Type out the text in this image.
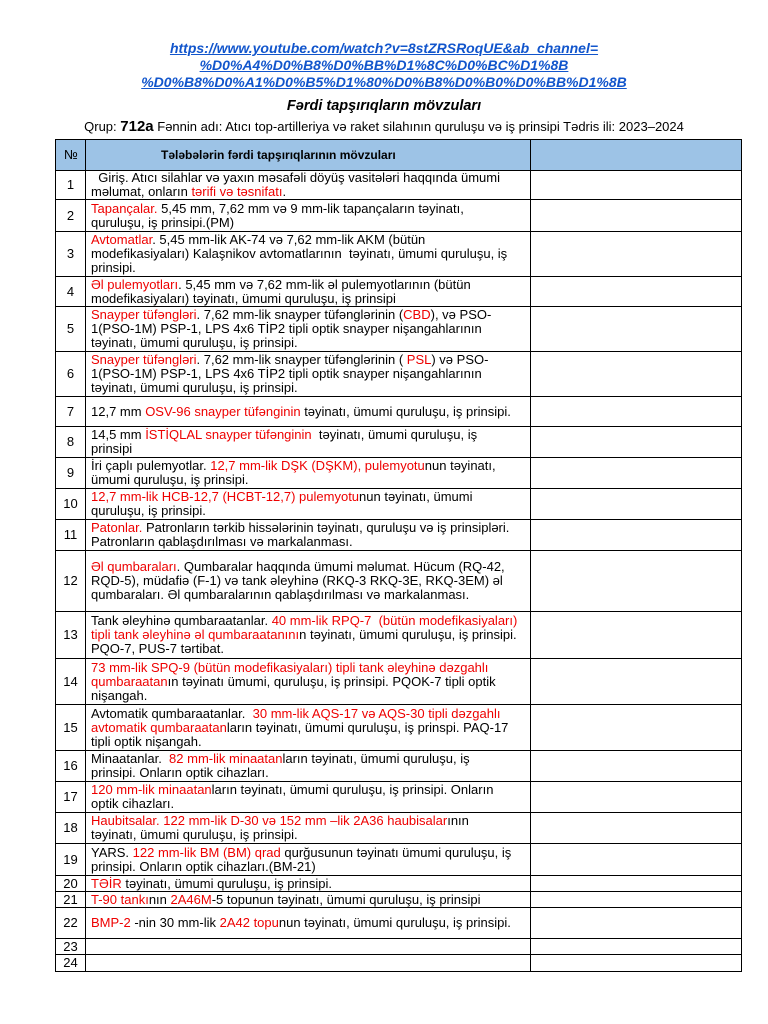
https://www.youtube.com/watch?v=8stZRSRoqUE&ab_channel=
%D0%A4%D0%B8%D0%BB%D1%8C%D0%BC%D1%8B
%D0%B8%D0%A1%D0%B5%D1%80%D0%B8%D0%B0%D0%BB%D1%8B
Fərdi tapşırıqların mövzuları
Qrup: 712a Fənnin adı: Atıcı top-artilleriya və raket silahının quruluşu və iş prinsipi Tədris ili: 2023–2024
№	Tələbələrin fərdi tapşırıqlarının mövzuları	
1	Giriş. Atıcı silahlar və yaxın məsafəli döyüş vasitələri haqqında ümumi məlumat, onların tərifi və təsnifatı.	
2	Tapançalar. 5,45 mm, 7,62 mm və 9 mm-lik tapançaların təyinatı, quruluşu, iş prinsipi.(PM)	
3	Avtomatlar. 5,45 mm-lik AK-74 və 7,62 mm-lik AKM (bütün modefikasiyaları) Kalaşnikov avtomatlarının  təyinatı, ümumi quruluşu, iş prinsipi.	
4	Əl pulemyotları. 5,45 mm və 7,62 mm-lik əl pulemyotlarının (bütün modefikasiyaları) təyinatı, ümumi quruluşu, iş prinsipi	
5	Snayper tüfəngləri. 7,62 mm-lik snayper tüfənglərinin (CBD), və PSO-1(PSO-1M) PSP-1, LPS 4x6 TİP2 tipli optik snayper nişangahlarının təyinatı, ümumi quruluşu, iş prinsipi.	
6	Snayper tüfəngləri. 7,62 mm-lik snayper tüfənglərinin ( PSL) və PSO-1(PSO-1M) PSP-1, LPS 4x6 TİP2 tipli optik snayper nişangahlarının təyinatı, ümumi quruluşu, iş prinsipi.	
7	12,7 mm OSV-96 snayper tüfənginin təyinatı, ümumi quruluşu, iş prinsipi.	
8	14,5 mm İSTİQLAL snayper tüfənginin  təyinatı, ümumi quruluşu, iş prinsipi	
9	İri çaplı pulemyotlar. 12,7 mm-lik DŞK (DŞKM), pulemyotunun təyinatı, ümumi quruluşu, iş prinsipi.	
10	12,7 mm-lik HCB-12,7 (HCBT-12,7) pulemyotunun təyinatı, ümumi quruluşu, iş prinsipi.	
11	Patonlar. Patronların tərkib hissələrinin təyinatı, quruluşu və iş prinsipləri. Patronların qablaşdırılması və markalanması.	
12	Əl qumbaraları. Qumbaralar haqqında ümumi məlumat. Hücum (RQ-42, RQD-5), müdafiə (F-1) və tank əleyhinə (RKQ-3 RKQ-3E, RKQ-3EM) əl qumbaraları. Əl qumbaralarının qablaşdırılması və markalanması.	
13	Tank əleyhinə qumbaraatanlar. 40 mm-lik RPQ-7  (bütün modefikasiyaları) tipli tank əleyhinə əl qumbaraatanının təyinatı, ümumi quruluşu, iş prinsipi. PQO-7, PUS-7 tərtibat.	
14	73 mm-lik SPQ-9 (bütün modefikasiyaları) tipli tank əleyhinə dəzgahlı qumbaraatanın təyinatı ümumi, quruluşu, iş prinsipi. PQOK-7 tipli optik nişangah.	
15	Avtomatik qumbaraatanlar.  30 mm-lik AQS-17 və AQS-30 tipli dəzgahlı avtomatik qumbaraatanların təyinatı, ümumi quruluşu, iş prinspi. PAQ-17 tipli optik nişangah.	
16	Minaatanlar.  82 mm-lik minaatanların təyinatı, ümumi quruluşu, iş prinsipi. Onların optik cihazları.	
17	120 mm-lik minaatanların təyinatı, ümumi quruluşu, iş prinsipi. Onların optik cihazları.	
18	Haubitsalar. 122 mm-lik D-30 və 152 mm –lik 2A36 haubisalarının təyinatı, ümumi quruluşu, iş prinsipi.	
19	YARS. 122 mm-lik BM (BM) qrad qurğusunun təyinatı ümumi quruluşu, iş prinsipi. Onların optik cihazları.(BM-21)	
20	TƏİR təyinatı, ümumi quruluşu, iş prinsipi.	
21	T-90 tankının 2A46M-5 topunun təyinatı, ümumi quruluşu, iş prinsipi	
22	BMP-2 -nin 30 mm-lik 2A42 topunun təyinatı, ümumi quruluşu, iş prinsipi.	
23		
24		
